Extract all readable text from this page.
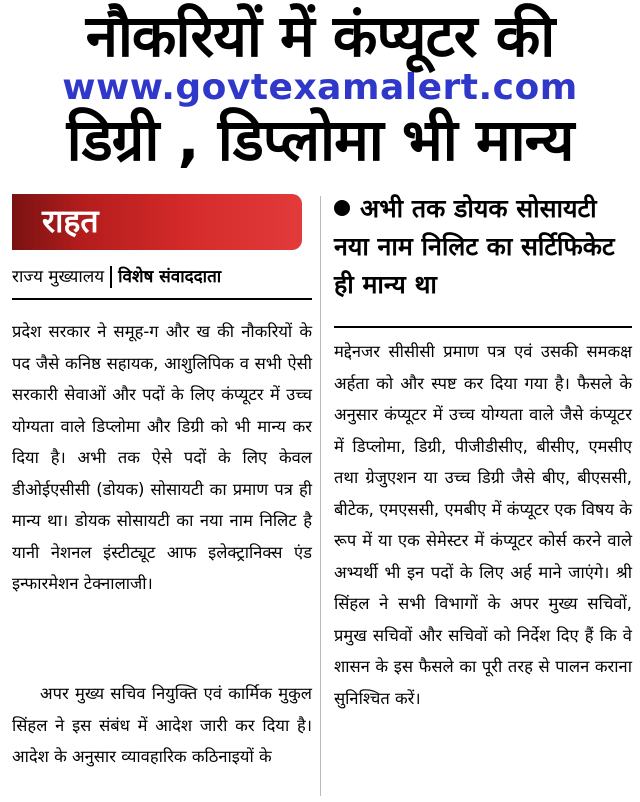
नौकरियों में कंप्यूटर की
www.govtexamalert.com
डिग्री , डिप्लोमा भी मान्य
राहत
राज्य मुख्यालय विशेष संवाददाता
अभी तक डोयक सोसायटी नया नाम निलिट का सर्टिफिकेट ही मान्य था
प्रदेश सरकार ने समूह-ग और ख की नौकरियों के पद जैसे कनिष्ठ सहायक, आशुलिपिक व सभी ऐसी सरकारी सेवाओं और पदों के लिए कंप्यूटर में उच्च योग्यता वाले डिप्लोमा और डिग्री को भी मान्य कर दिया है। अभी तक ऐसे पदों के लिए केवल डीओईएसीसी (डोयक) सोसायटी का प्रमाण पत्र ही मान्य था। डोयक सोसायटी का नया नाम निलिट है यानी नेशनल इंस्टीट्यूट आफ इलेक्ट्रानिक्स एंड इन्फारमेशन टेक्नालाजी।
अपर मुख्य सचिव नियुक्ति एवं कार्मिक मुकुल सिंहल ने इस संबंध में आदेश जारी कर दिया है। आदेश के अनुसार व्यावहारिक कठिनाइयों के
मद्देनजर सीसीसी प्रमाण पत्र एवं उसकी समकक्ष अर्हता को और स्पष्ट कर दिया गया है। फैसले के अनुसार कंप्यूटर में उच्च योग्यता वाले जैसे कंप्यूटर में डिप्लोमा, डिग्री, पीजीडीसीए, बीसीए, एमसीए तथा ग्रेजुएशन या उच्च डिग्री जैसे बीए, बीएससी, बीटेक, एमएससी, एमबीए में कंप्यूटर एक विषय के रूप में या एक सेमेस्टर में कंप्यूटर कोर्स करने वाले अभ्यर्थी भी इन पदों के लिए अर्ह माने जाएंगे। श्री सिंहल ने सभी विभागों के अपर मुख्य सचिवों, प्रमुख सचिवों और सचिवों को निर्देश दिए हैं कि वे शासन के इस फैसले का पूरी तरह से पालन कराना सुनिश्चित करें।
